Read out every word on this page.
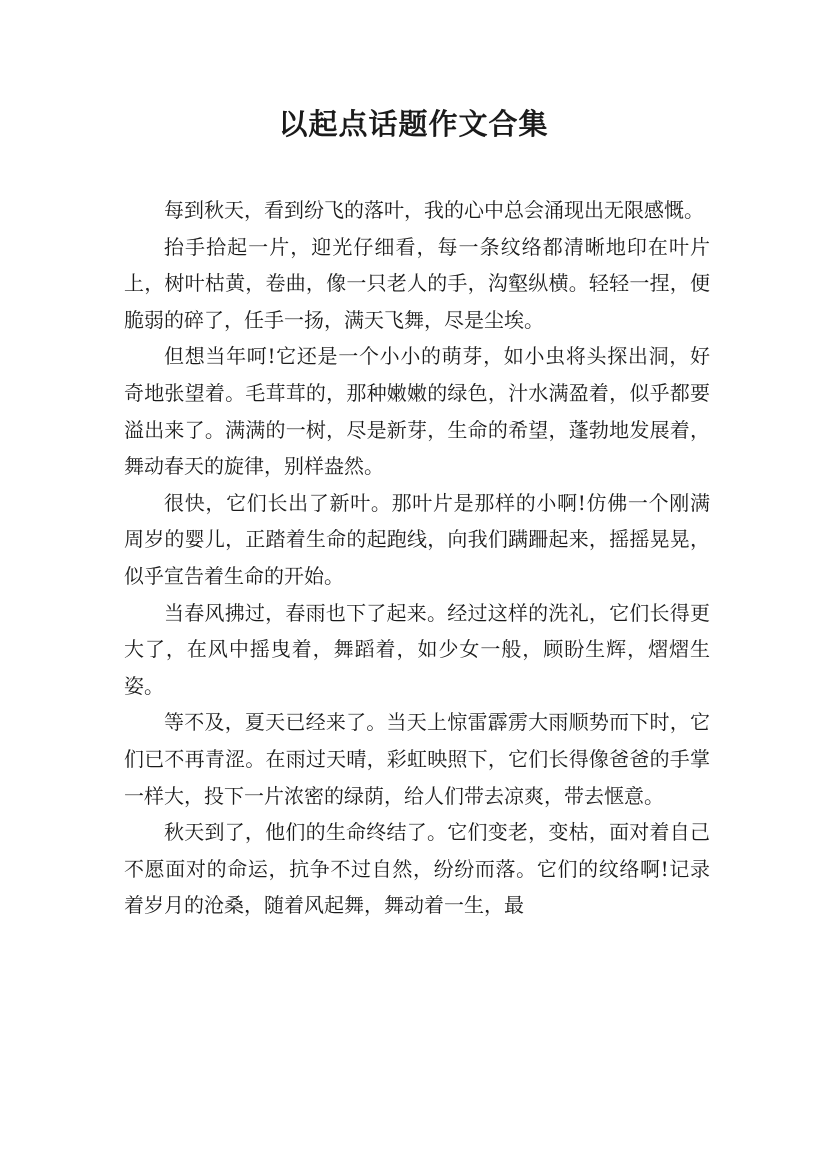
以起点话题作文合集

每到秋天，看到纷飞的落叶，我的心中总会涌现出无限感慨。

抬手拾起一片，迎光仔细看，每一条纹络都清晰地印在叶片上，树叶枯黄，卷曲，像一只老人的手，沟壑纵横。轻轻一捏，便脆弱的碎了，任手一扬，满天飞舞，尽是尘埃。

但想当年呵!它还是一个小小的萌芽，如小虫将头探出洞，好奇地张望着。毛茸茸的，那种嫩嫩的绿色，汁水满盈着，似乎都要溢出来了。满满的一树，尽是新芽，生命的希望，蓬勃地发展着，舞动春天的旋律，别样盎然。

很快，它们长出了新叶。那叶片是那样的小啊!仿佛一个刚满周岁的婴儿，正踏着生命的起跑线，向我们蹒跚起来，摇摇晃晃，似乎宣告着生命的开始。

当春风拂过，春雨也下了起来。经过这样的洗礼，它们长得更大了，在风中摇曳着，舞蹈着，如少女一般，顾盼生辉，熠熠生姿。

等不及，夏天已经来了。当天上惊雷霹雳大雨顺势而下时，它们已不再青涩。在雨过天晴，彩虹映照下，它们长得像爸爸的手掌一样大，投下一片浓密的绿荫，给人们带去凉爽，带去惬意。

秋天到了，他们的生命终结了。它们变老，变枯，面对着自己不愿面对的命运，抗争不过自然，纷纷而落。它们的纹络啊!记录着岁月的沧桑，随着风起舞，舞动着一生，最
